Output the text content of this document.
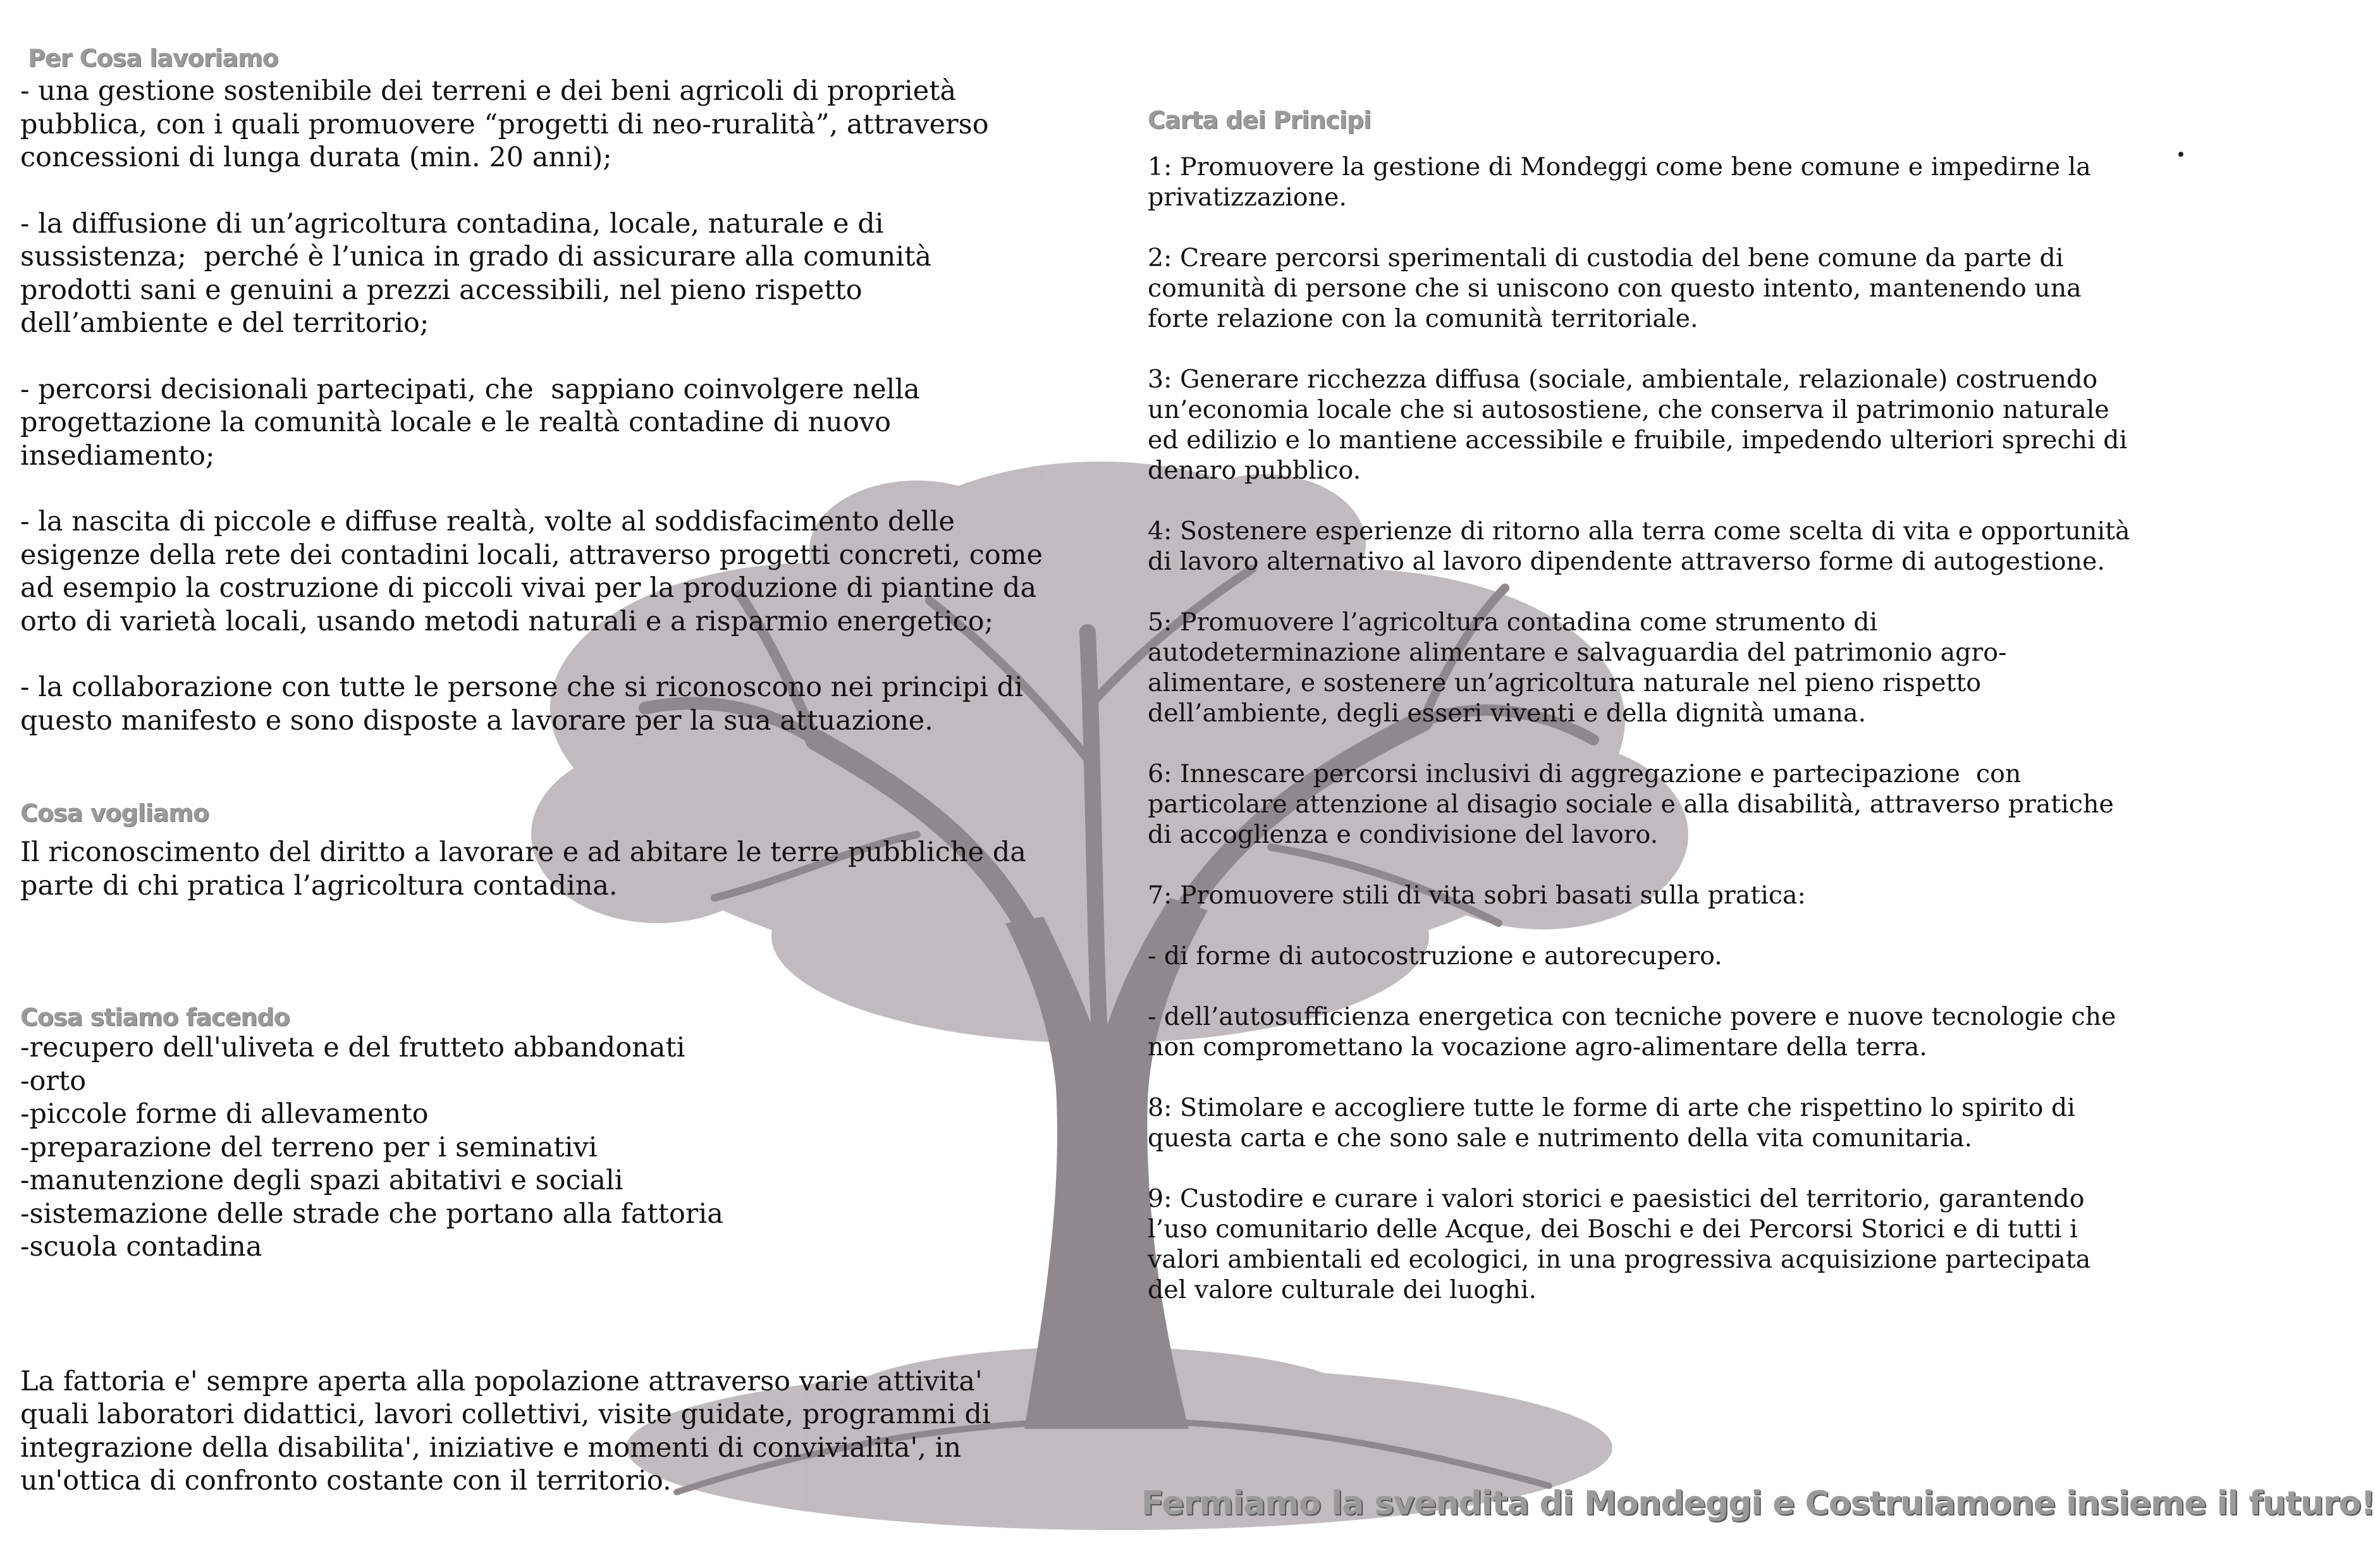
Per Cosa lavoriamo

- una gestione sostenibile dei terreni e dei beni agricoli di proprietà
pubblica, con i quali promuovere “progetti di neo-ruralità”, attraverso
concessioni di lunga durata (min. 20 anni);

- la diffusione di un’agricoltura contadina, locale, naturale e di
sussistenza;  perché è l’unica in grado di assicurare alla comunità
prodotti sani e genuini a prezzi accessibili, nel pieno rispetto
dell’ambiente e del territorio;

- percorsi decisionali partecipati, che  sappiano coinvolgere nella
progettazione la comunità locale e le realtà contadine di nuovo
insediamento;

- la nascita di piccole e diffuse realtà, volte al soddisfacimento delle
esigenze della rete dei contadini locali, attraverso progetti concreti, come
ad esempio la costruzione di piccoli vivai per la produzione di piantine da
orto di varietà locali, usando metodi naturali e a risparmio energetico;

- la collaborazione con tutte le persone che si riconoscono nei principi di
questo manifesto e sono disposte a lavorare per la sua attuazione.

Cosa vogliamo

Il riconoscimento del diritto a lavorare e ad abitare le terre pubbliche da
parte di chi pratica l’agricoltura contadina.

Cosa stiamo facendo

-recupero dell'uliveta e del frutteto abbandonati

-orto

-piccole forme di allevamento

-preparazione del terreno per i seminativi

-manutenzione degli spazi abitativi e sociali

-sistemazione delle strade che portano alla fattoria

-scuola contadina

La fattoria e' sempre aperta alla popolazione attraverso varie attivita'
quali laboratori didattici, lavori collettivi, visite guidate, programmi di
integrazione della disabilita', iniziative e momenti di convivialita', in
un'ottica di confronto costante con il territorio.

Carta dei Principi

1: Promuovere la gestione di Mondeggi come bene comune e impedirne la
privatizzazione.

2: Creare percorsi sperimentali di custodia del bene comune da parte di
comunità di persone che si uniscono con questo intento, mantenendo una
forte relazione con la comunità territoriale.

3: Generare ricchezza diffusa (sociale, ambientale, relazionale) costruendo
un’economia locale che si autosostiene, che conserva il patrimonio naturale
ed edilizio e lo mantiene accessibile e fruibile, impedendo ulteriori sprechi di
denaro pubblico.

4: Sostenere esperienze di ritorno alla terra come scelta di vita e opportunità
di lavoro alternativo al lavoro dipendente attraverso forme di autogestione.

5: Promuovere l’agricoltura contadina come strumento di
autodeterminazione alimentare e salvaguardia del patrimonio agro-
alimentare, e sostenere un’agricoltura naturale nel pieno rispetto
dell’ambiente, degli esseri viventi e della dignità umana.

6: Innescare percorsi inclusivi di aggregazione e partecipazione  con
particolare attenzione al disagio sociale e alla disabilità, attraverso pratiche
di accoglienza e condivisione del lavoro.

7: Promuovere stili di vita sobri basati sulla pratica:

- di forme di autocostruzione e autorecupero.

- dell’autosufficienza energetica con tecniche povere e nuove tecnologie che
non compromettano la vocazione agro-alimentare della terra.

8: Stimolare e accogliere tutte le forme di arte che rispettino lo spirito di
questa carta e che sono sale e nutrimento della vita comunitaria.

9: Custodire e curare i valori storici e paesistici del territorio, garantendo
l’uso comunitario delle Acque, dei Boschi e dei Percorsi Storici e di tutti i
valori ambientali ed ecologici, in una progressiva acquisizione partecipata
del valore culturale dei luoghi.

Fermiamo la svendita di Mondeggi e Costruiamone insieme il futuro!
